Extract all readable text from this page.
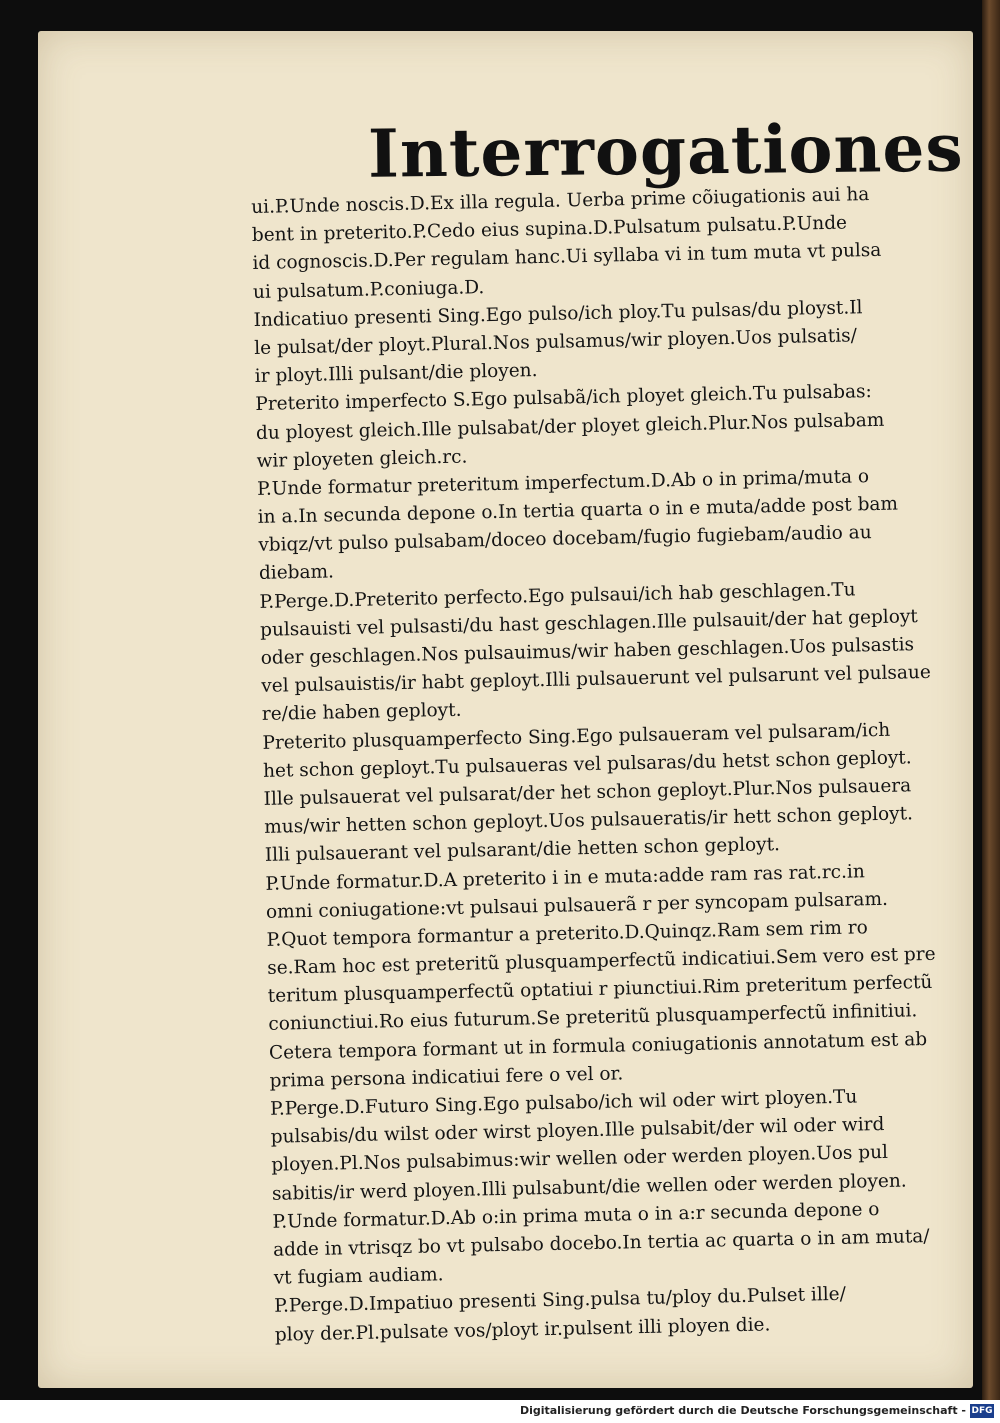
Interrogationes
ui.P.Unde noscis.D.Ex illa regula. Uerba prime cõiugationis aui ha
bent in preterito.P.Cedo eius supina.D.Pulsatum pulsatu.P.Unde
id cognoscis.D.Per regulam hanc.Ui syllaba vi in tum muta vt pulsa
ui pulsatum.P.coniuga.D.
Indicatiuo presenti Sing.Ego pulso/ich ploy.Tu pulsas/du ployst.Il
le pulsat/der ployt.Plural.Nos pulsamus/wir ployen.Uos pulsatis/
ir ployt.Illi pulsant/die ployen.
Preterito imperfecto S.Ego pulsabã/ich ployet gleich.Tu pulsabas:
du ployest gleich.Ille pulsabat/der ployet gleich.Plur.Nos pulsabam
wir ployeten gleich.rc.
P.Unde formatur preteritum imperfectum.D.Ab o in prima/muta o
in a.In secunda depone o.In tertia quarta o in e muta/adde post bam
vbiqz/vt pulso pulsabam/doceo docebam/fugio fugiebam/audio au
diebam.
P.Perge.D.Preterito perfecto.Ego pulsaui/ich hab geschlagen.Tu
pulsauisti vel pulsasti/du hast geschlagen.Ille pulsauit/der hat geployt
oder geschlagen.Nos pulsauimus/wir haben geschlagen.Uos pulsastis
vel pulsauistis/ir habt geployt.Illi pulsauerunt vel pulsarunt vel pulsaue
re/die haben geployt.
Preterito plusquamperfecto Sing.Ego pulsaueram vel pulsaram/ich
het schon geployt.Tu pulsaueras vel pulsaras/du hetst schon geployt.
Ille pulsauerat vel pulsarat/der het schon geployt.Plur.Nos pulsauera
mus/wir hetten schon geployt.Uos pulsaueratis/ir hett schon geployt.
Illi pulsauerant vel pulsarant/die hetten schon geployt.
P.Unde formatur.D.A preterito i in e muta:adde ram ras rat.rc.in
omni coniugatione:vt pulsaui pulsauerã r per syncopam pulsaram.
P.Quot tempora formantur a preterito.D.Quinqz.Ram sem rim ro
se.Ram hoc est preteritũ plusquamperfectũ indicatiui.Sem vero est pre
teritum plusquamperfectũ optatiui r piunctiui.Rim preteritum perfectũ
coniunctiui.Ro eius futurum.Se preteritũ plusquamperfectũ infinitiui.
Cetera tempora formant ut in formula coniugationis annotatum est ab
prima persona indicatiui fere o vel or.
P.Perge.D.Futuro Sing.Ego pulsabo/ich wil oder wirt ployen.Tu
pulsabis/du wilst oder wirst ployen.Ille pulsabit/der wil oder wird
ployen.Pl.Nos pulsabimus:wir wellen oder werden ployen.Uos pul
sabitis/ir werd ployen.Illi pulsabunt/die wellen oder werden ployen.
P.Unde formatur.D.Ab o:in prima muta o in a:r secunda depone o
adde in vtrisqz bo vt pulsabo docebo.In tertia ac quarta o in am muta/
vt fugiam audiam.
P.Perge.D.Impatiuo presenti Sing.pulsa tu/ploy du.Pulset ille/
ploy der.Pl.pulsate vos/ployt ir.pulsent illi ployen die.
Digitalisierung gefördert durch die Deutsche Forschungsgemeinschaft - DFG
